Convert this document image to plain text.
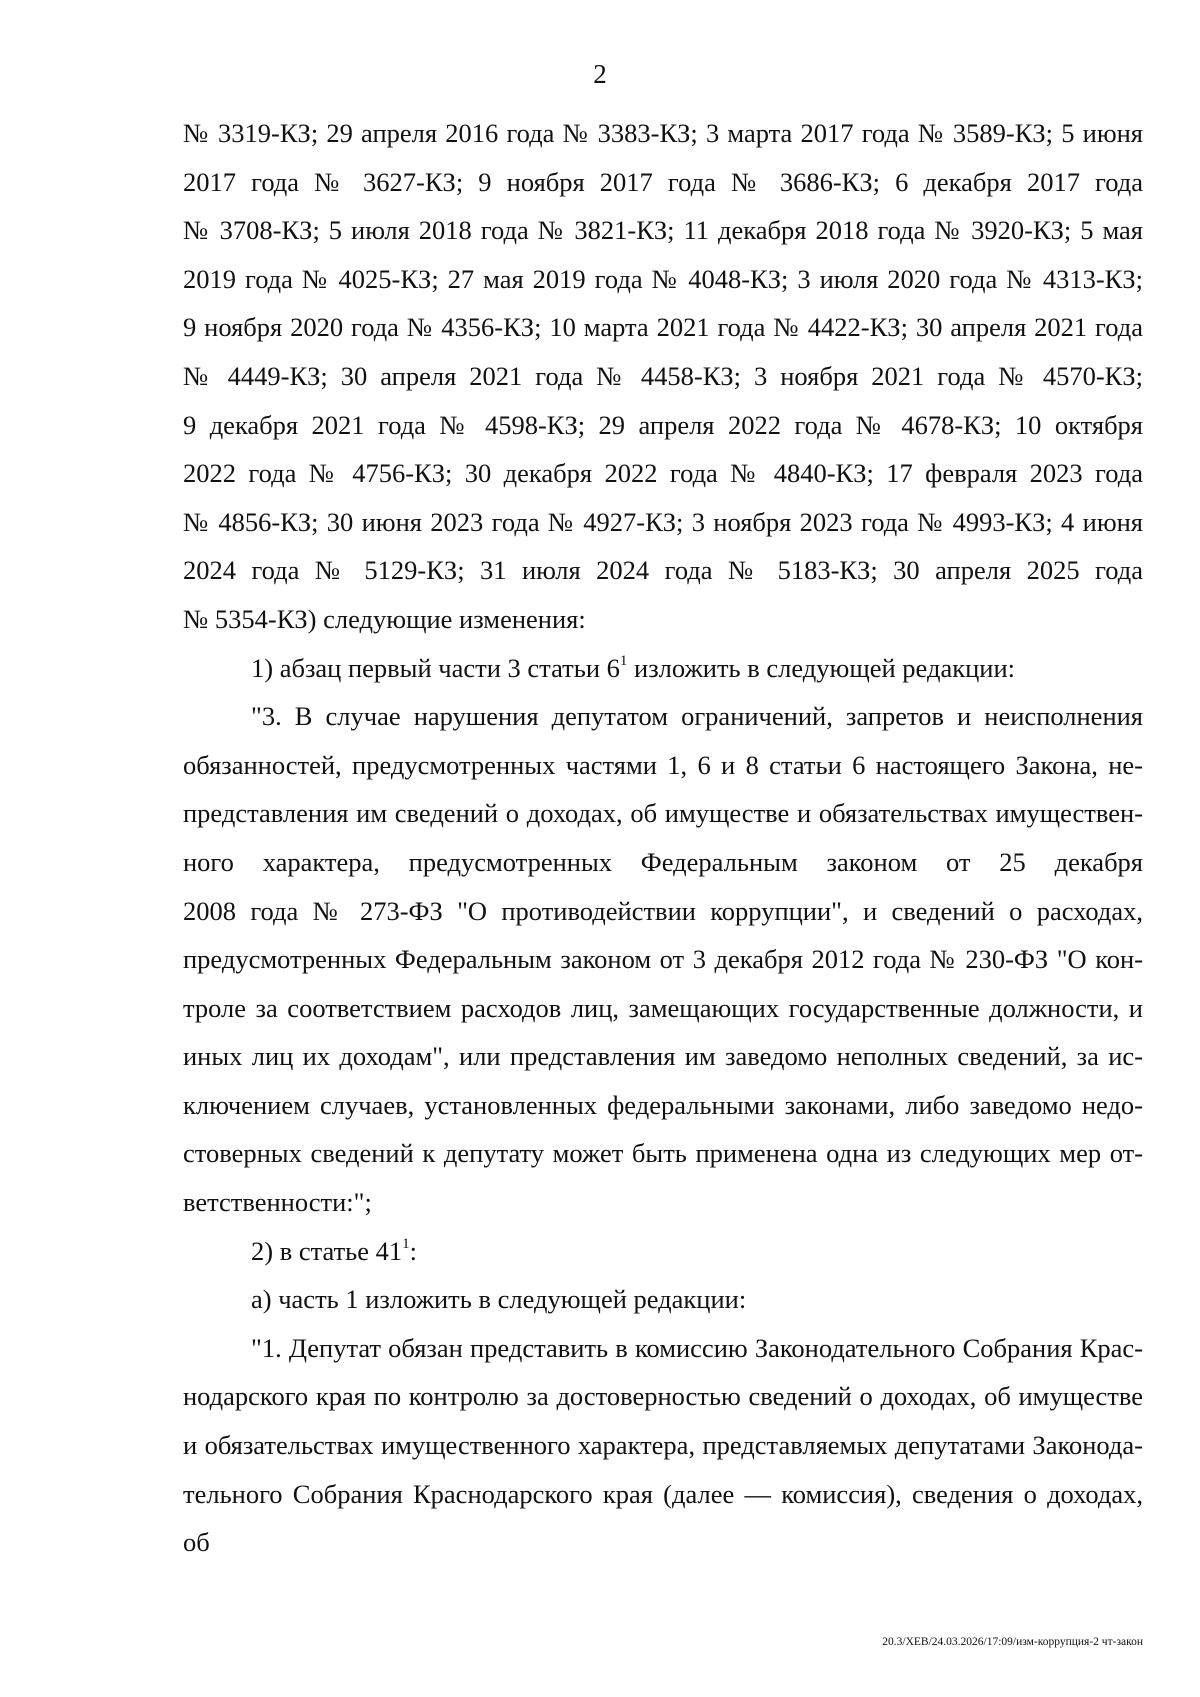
2

№ 3319-КЗ; 29 апреля 2016 года № 3383-КЗ; 3 марта 2017 года № 3589-КЗ; 5 июня

2017 года № 3627-КЗ; 9 ноября 2017 года № 3686-КЗ; 6 декабря 2017 года

№ 3708-КЗ; 5 июля 2018 года № 3821-КЗ; 11 декабря 2018 года № 3920-КЗ; 5 мая

2019 года № 4025-КЗ; 27 мая 2019 года № 4048-КЗ; 3 июля 2020 года № 4313-КЗ;

9 ноября 2020 года № 4356-КЗ; 10 марта 2021 года № 4422-КЗ; 30 апреля 2021 года

№ 4449-КЗ; 30 апреля 2021 года № 4458-КЗ; 3 ноября 2021 года № 4570-КЗ;

9 декабря 2021 года № 4598-КЗ; 29 апреля 2022 года № 4678-КЗ; 10 октября

2022 года № 4756-КЗ; 30 декабря 2022 года № 4840-КЗ; 17 февраля 2023 года

№ 4856-КЗ; 30 июня 2023 года № 4927-КЗ; 3 ноября 2023 года № 4993-КЗ; 4 июня

2024 года № 5129-КЗ; 31 июля 2024 года № 5183-КЗ; 30 апреля 2025 года

№ 5354-КЗ) следующие изменения:

1) абзац первый части 3 статьи $6^1$ изложить в следующей редакции:

"3. В случае нарушения депутатом ограничений, запретов и неисполнения

обязанностей, предусмотренных частями 1, 6 и 8 статьи 6 настоящего Закона, не-

представления им сведений о доходах, об имуществе и обязательствах имуществен-

ного характера, предусмотренных Федеральным законом от 25 декабря

2008 года № 273-ФЗ "О противодействии коррупции", и сведений о расходах,

предусмотренных Федеральным законом от 3 декабря 2012 года № 230-ФЗ "О кон-

троле за соответствием расходов лиц, замещающих государственные должности, и

иных лиц их доходам", или представления им заведомо неполных сведений, за ис-

ключением случаев, установленных федеральными законами, либо заведомо недо-

стоверных сведений к депутату может быть применена одна из следующих мер от-

ветственности:";

2) в статье $41^1$:

а) часть 1 изложить в следующей редакции:

"1. Депутат обязан представить в комиссию Законодательного Собрания Крас-

нодарского края по контролю за достоверностью сведений о доходах, об имуществе

и обязательствах имущественного характера, представляемых депутатами Законода-

тельного Собрания Краснодарского края (далее — комиссия), сведения о доходах, об

20.3/ХЕВ/24.03.2026/17:09/изм-коррупция-2 чт-закон
